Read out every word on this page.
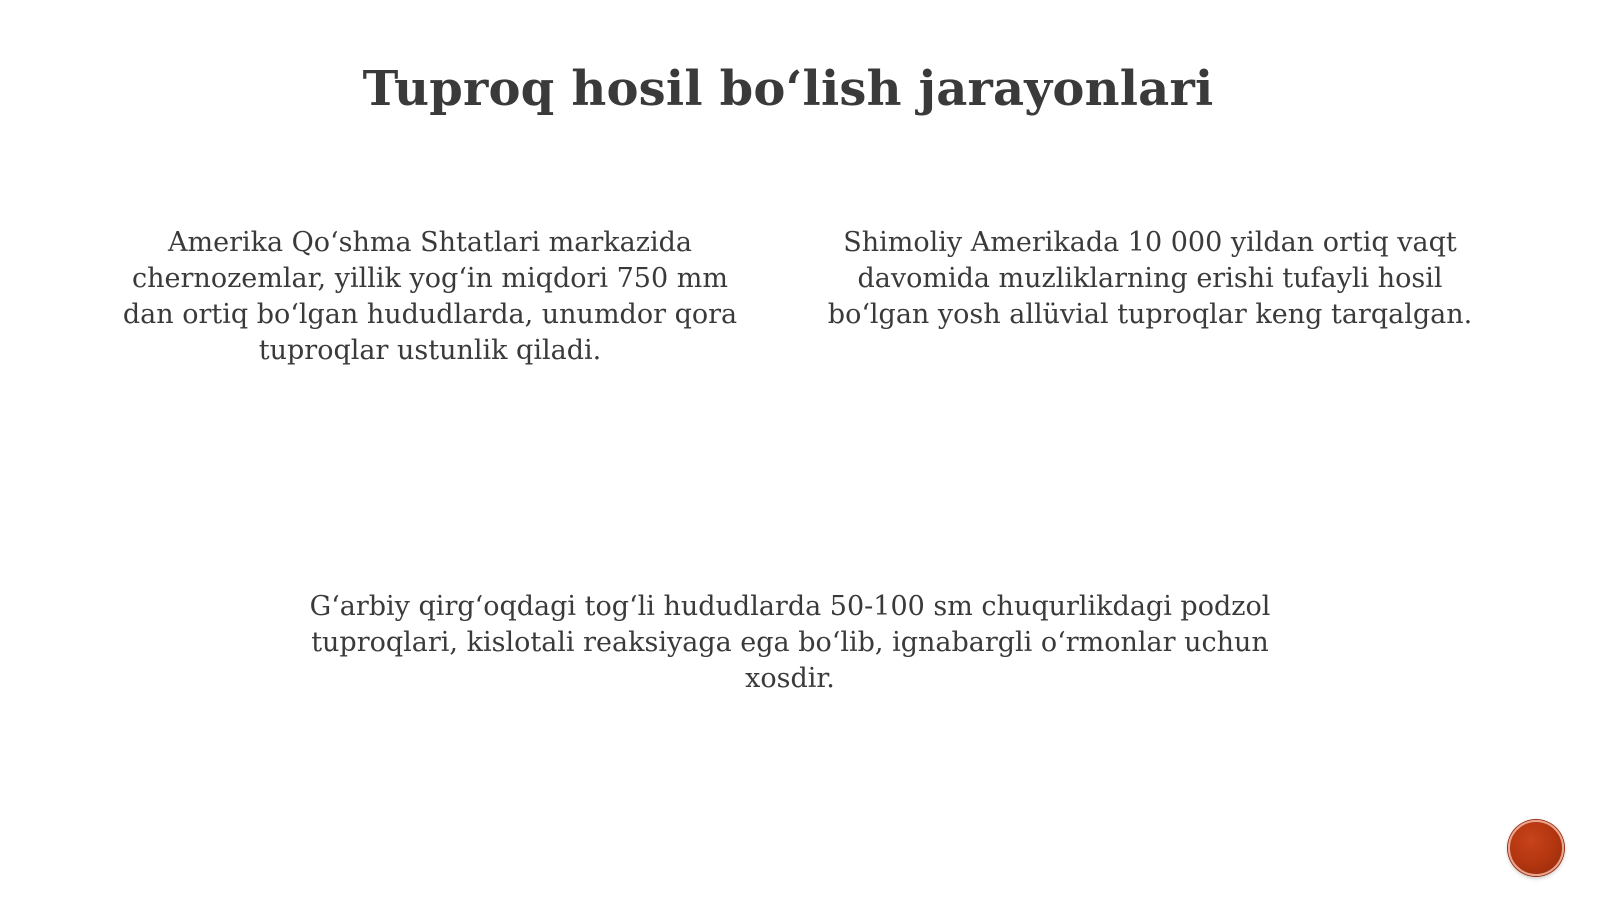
Tuproq hosil bo‘lish jarayonlari

Amerika Qo‘shma Shtatlari markazida chernozemlar, yillik yog‘in miqdori 750 mm dan ortiq bo‘lgan hududlarda, unumdor qora tuproqlar ustunlik qiladi.

Shimoliy Amerikada 10 000 yildan ortiq vaqt davomida muzliklarning erishi tufayli hosil bo‘lgan yosh allüvial tuproqlar keng tarqalgan.

G‘arbiy qirg‘oqdagi tog‘li hududlarda 50-100 sm chuqurlikdagi podzol tuproqlari, kislotali reaksiyaga ega bo‘lib, ignabargli o‘rmonlar uchun xosdir.
